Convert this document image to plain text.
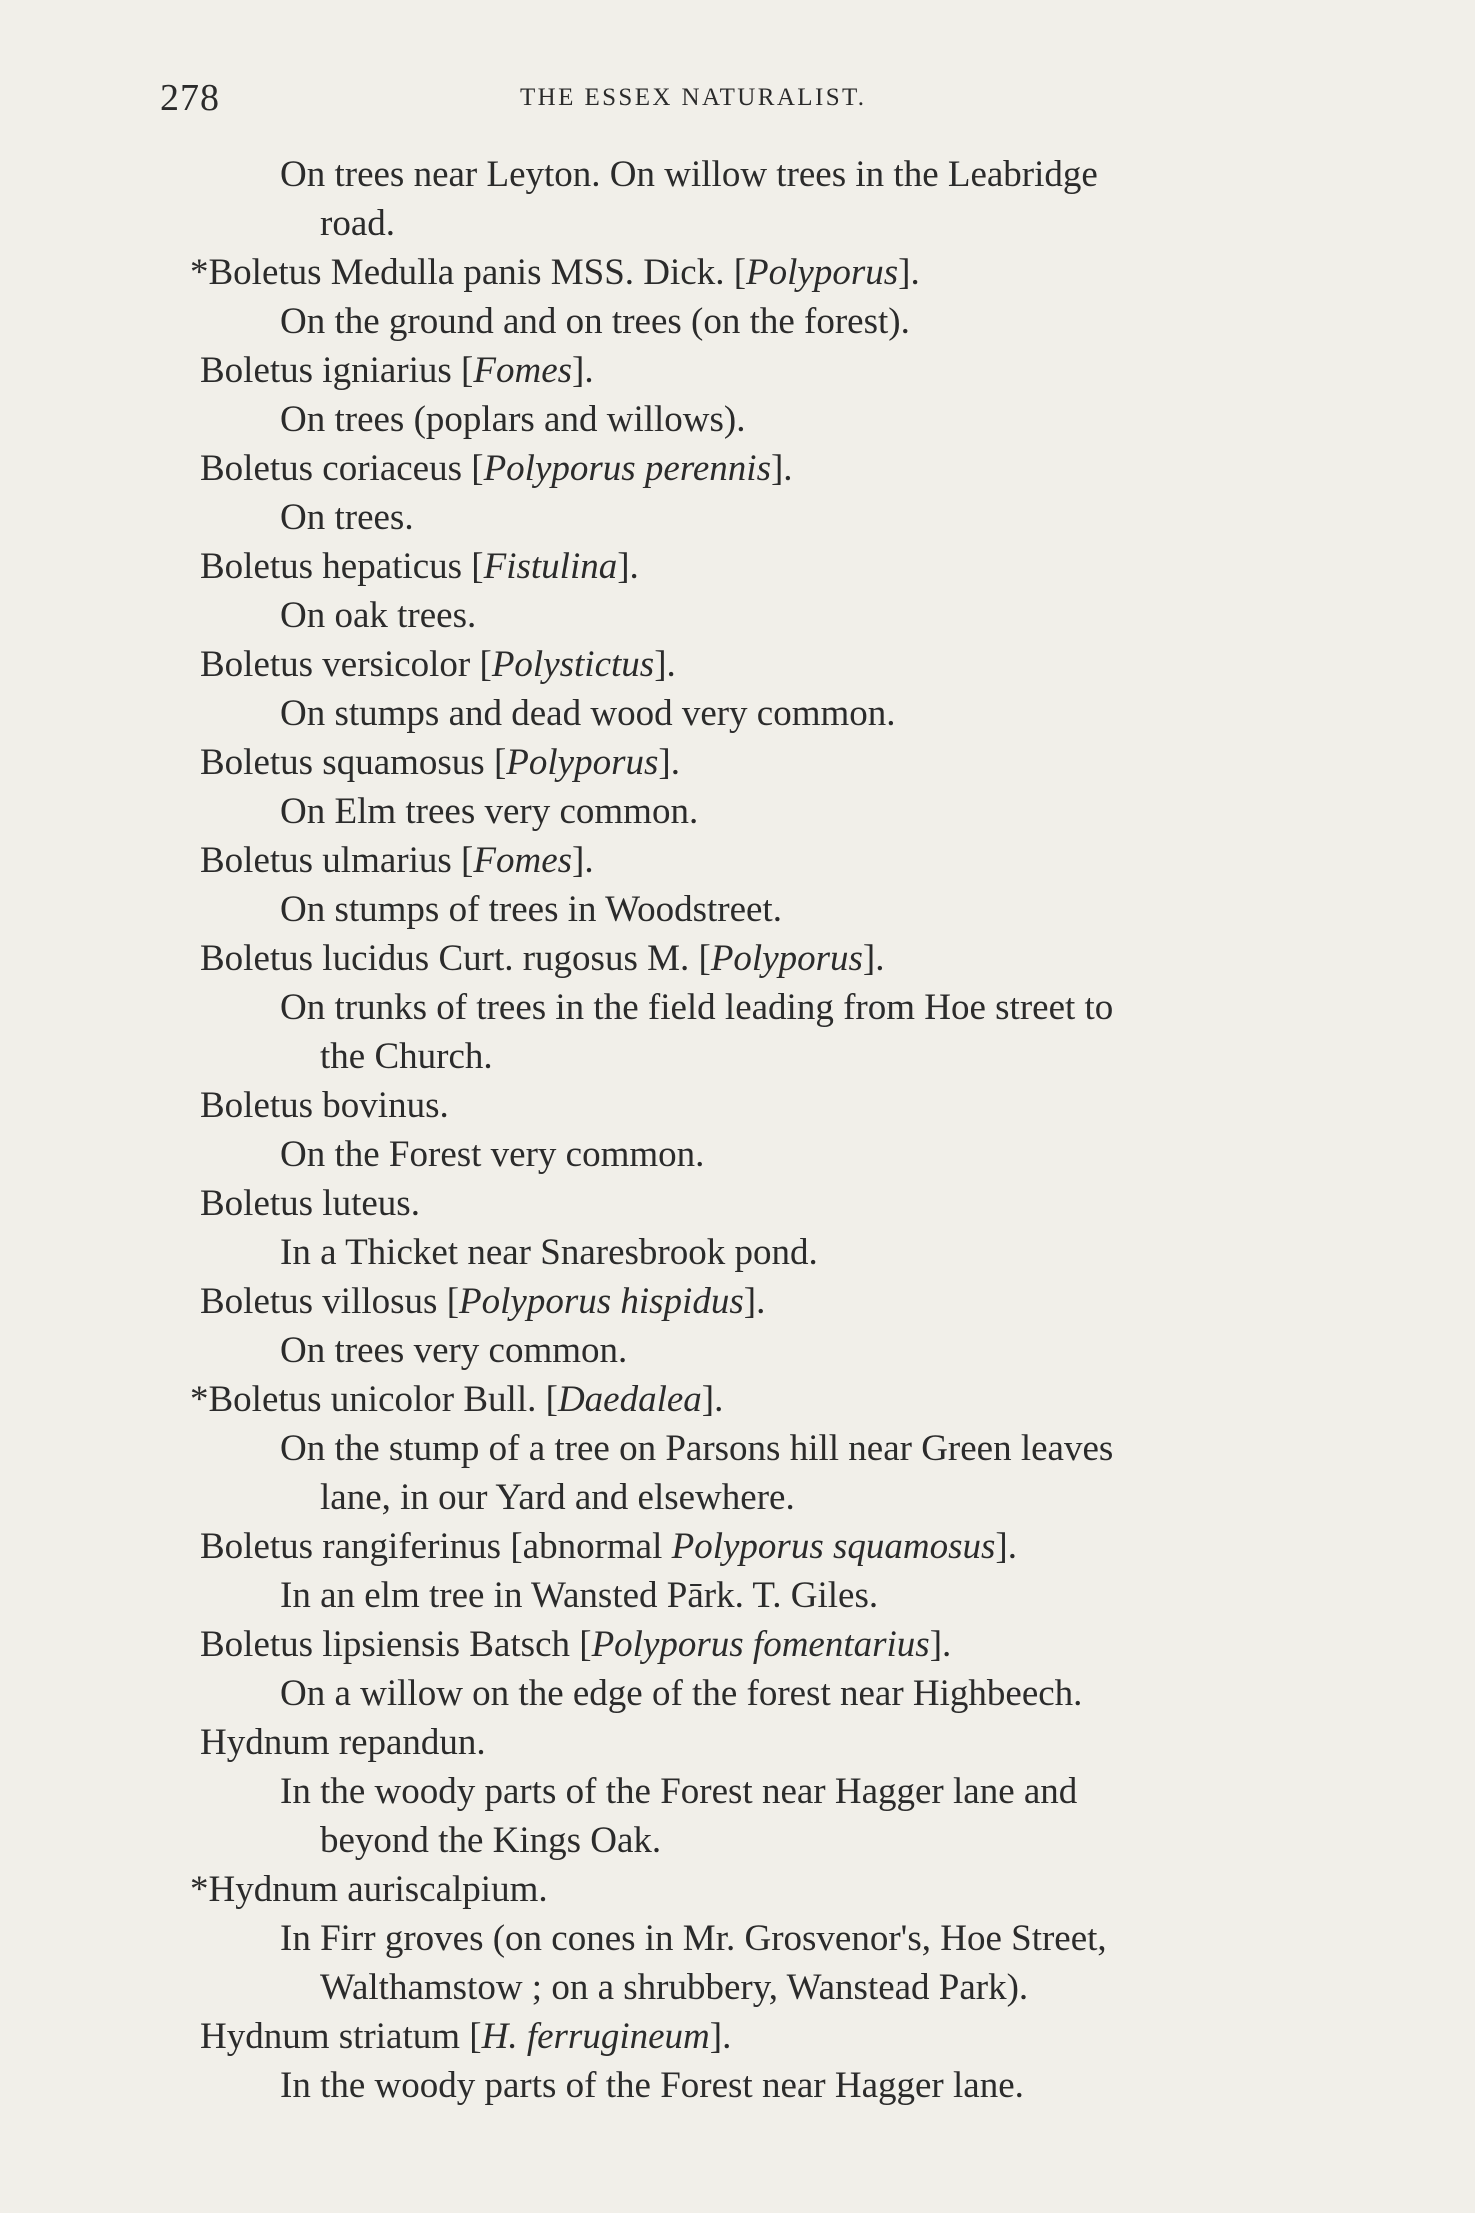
278	THE ESSEX NATURALIST.
On trees near Leyton. On willow trees in the Leabridge
road.
*Boletus Medulla panis MSS. Dick. [Polyporus].
On the ground and on trees (on the forest).
Boletus igniarius [Fomes].
On trees (poplars and willows).
Boletus coriaceus [Polyporus perennis].
On trees.
Boletus hepaticus [Fistulina].
On oak trees.
Boletus versicolor [Polystictus].
On stumps and dead wood very common.
Boletus squamosus [Polyporus].
On Elm trees very common.
Boletus ulmarius [Fomes].
On stumps of trees in Woodstreet.
Boletus lucidus Curt. rugosus M. [Polyporus].
On trunks of trees in the field leading from Hoe street to
the Church.
Boletus bovinus.
On the Forest very common.
Boletus luteus.
In a Thicket near Snaresbrook pond.
Boletus villosus [Polyporus hispidus].
On trees very common.
*Boletus unicolor Bull. [Daedalea].
On the stump of a tree on Parsons hill near Green leaves
lane, in our Yard and elsewhere.
Boletus rangiferinus [abnormal Polyporus squamosus].
In an elm tree in Wansted Pārk. T. Giles.
Boletus lipsiensis Batsch [Polyporus fomentarius].
On a willow on the edge of the forest near Highbeech.
Hydnum repandun.
In the woody parts of the Forest near Hagger lane and
beyond the Kings Oak.
*Hydnum auriscalpium.
In Firr groves (on cones in Mr. Grosvenor's, Hoe Street,
Walthamstow ; on a shrubbery, Wanstead Park).
Hydnum striatum [H. ferrugineum].
In the woody parts of the Forest near Hagger lane.
